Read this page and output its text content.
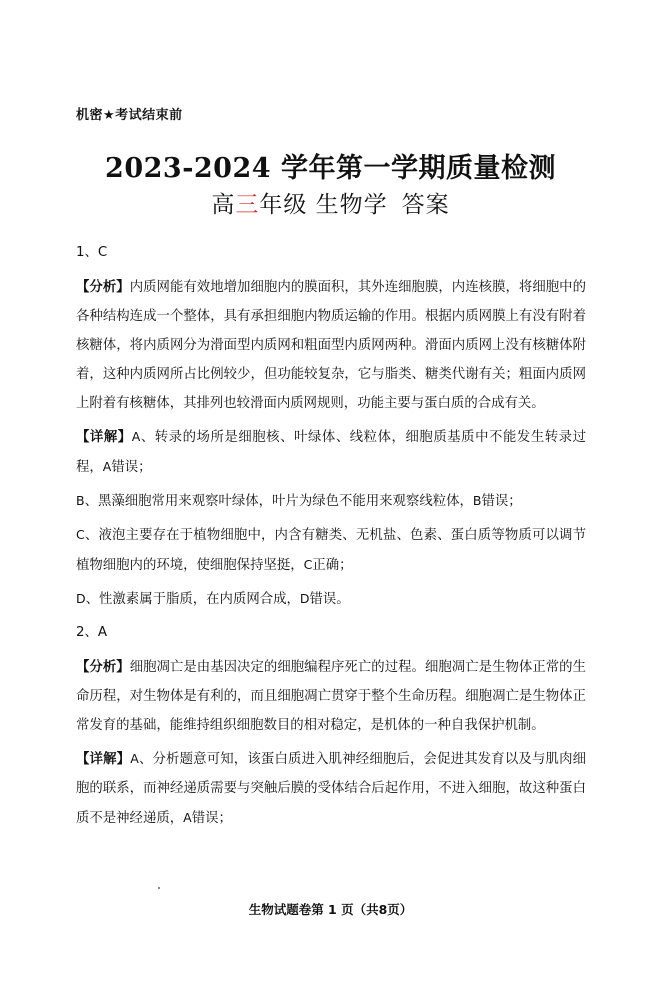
机密★考试结束前
2023-2024 学年第一学期质量检测
高三年级 生物学 答案

1、C

【分析】内质网能有效地增加细胞内的膜面积，其外连细胞膜，内连核膜，将细胞中的各种结构连成一个整体，具有承担细胞内物质运输的作用。根据内质网膜上有没有附着核糖体，将内质网分为滑面型内质网和粗面型内质网两种。滑面内质网上没有核糖体附着，这种内质网所占比例较少，但功能较复杂，它与脂类、糖类代谢有关；粗面内质网上附着有核糖体，其排列也较滑面内质网规则，功能主要与蛋白质的合成有关。

【详解】A、转录的场所是细胞核、叶绿体、线粒体，细胞质基质中不能发生转录过程，A错误；

B、黑藻细胞常用来观察叶绿体，叶片为绿色不能用来观察线粒体，B错误；

C、液泡主要存在于植物细胞中，内含有糖类、无机盐、色素、蛋白质等物质可以调节植物细胞内的环境，使细胞保持坚挺，C正确；

D、性激素属于脂质，在内质网合成，D错误。

2、A

【分析】细胞凋亡是由基因决定的细胞编程序死亡的过程。细胞凋亡是生物体正常的生命历程，对生物体是有利的，而且细胞凋亡贯穿于整个生命历程。细胞凋亡是生物体正常发育的基础，能维持组织细胞数目的相对稳定，是机体的一种自我保护机制。

【详解】A、分析题意可知，该蛋白质进入肌神经细胞后，会促进其发育以及与肌肉细胞的联系，而神经递质需要与突触后膜的受体结合后起作用，不进入细胞，故这种蛋白质不是神经递质，A错误；

生物试题卷第 1 页（共8页）
